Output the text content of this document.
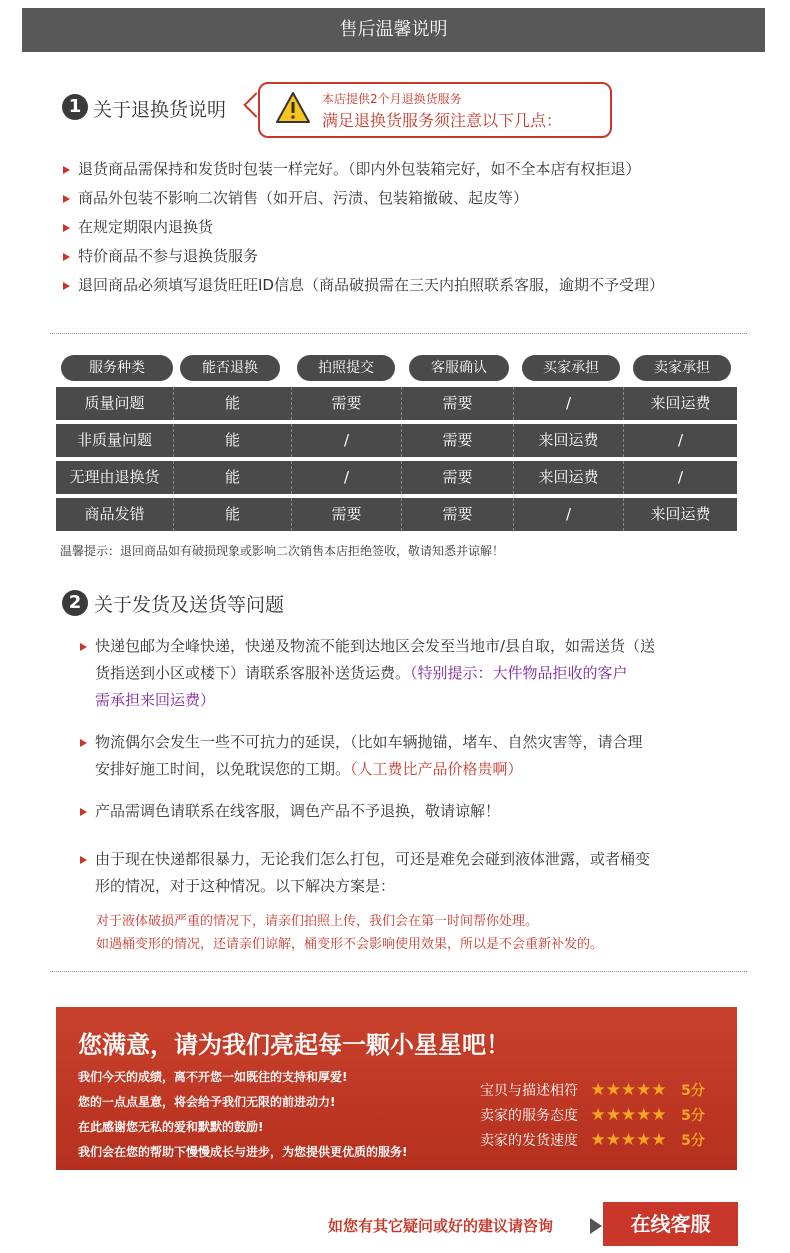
售后温馨说明
1 关于退换货说明	本店提供2个月退换货服务
满足退换货服务须注意以下几点：
退货商品需保持和发货时包装一样完好。（即内外包装箱完好，如不全本店有权拒退）
商品外包装不影响二次销售（如开启、污渍、包装箱撤破、起皮等）
在规定期限内退换货
特价商品不参与退换货服务
退回商品必须填写退货旺旺ID信息（商品破损需在三天内拍照联系客服，逾期不予受理）
服务种类	能否退换	拍照提交	客服确认	买家承担	卖家承担
质量问题	能	需要	需要	/	来回运费
非质量问题	能	/	需要	来回运费	/
无理由退换货	能	/	需要	来回运费	/
商品发错	能	需要	需要	/	来回运费
温馨提示：退回商品如有破损现象或影响二次销售本店拒绝签收，敬请知悉并谅解！
2 关于发货及送货等问题
快递包邮为全峰快递，快递及物流不能到达地区会发至当地市/县自取，如需送货（送
货指送到小区或楼下）请联系客服补送货运费。（特别提示：大件物品拒收的客户
需承担来回运费）
物流偶尔会发生一些不可抗力的延误，（比如车辆抛锚，堵车、自然灾害等，请合理
安排好施工时间，以免耽误您的工期。（人工费比产品价格贵啊）
产品需调色请联系在线客服，调色产品不予退换，敬请谅解！
由于现在快递都很暴力，无论我们怎么打包，可还是难免会碰到液体泄露，或者桶变
形的情况，对于这种情况。以下解决方案是：
对于液体破损严重的情况下，请亲们拍照上传，我们会在第一时间帮你处理。
如遇桶变形的情况，还请亲们谅解，桶变形不会影响使用效果，所以是不会重新补发的。
您满意，请为我们亮起每一颗小星星吧！
我们今天的成绩，离不开您一如既往的支持和厚爱!
您的一点点星意，将会给予我们无限的前进动力!
在此感谢您无私的爱和默默的鼓励!
我们会在您的帮助下慢慢成长与进步，为您提供更优质的服务!
宝贝与描述相符 ★★★★★ 5分
卖家的服务态度 ★★★★★ 5分
卖家的发货速度 ★★★★★ 5分
如您有其它疑问或好的建议请咨询	在线客服
